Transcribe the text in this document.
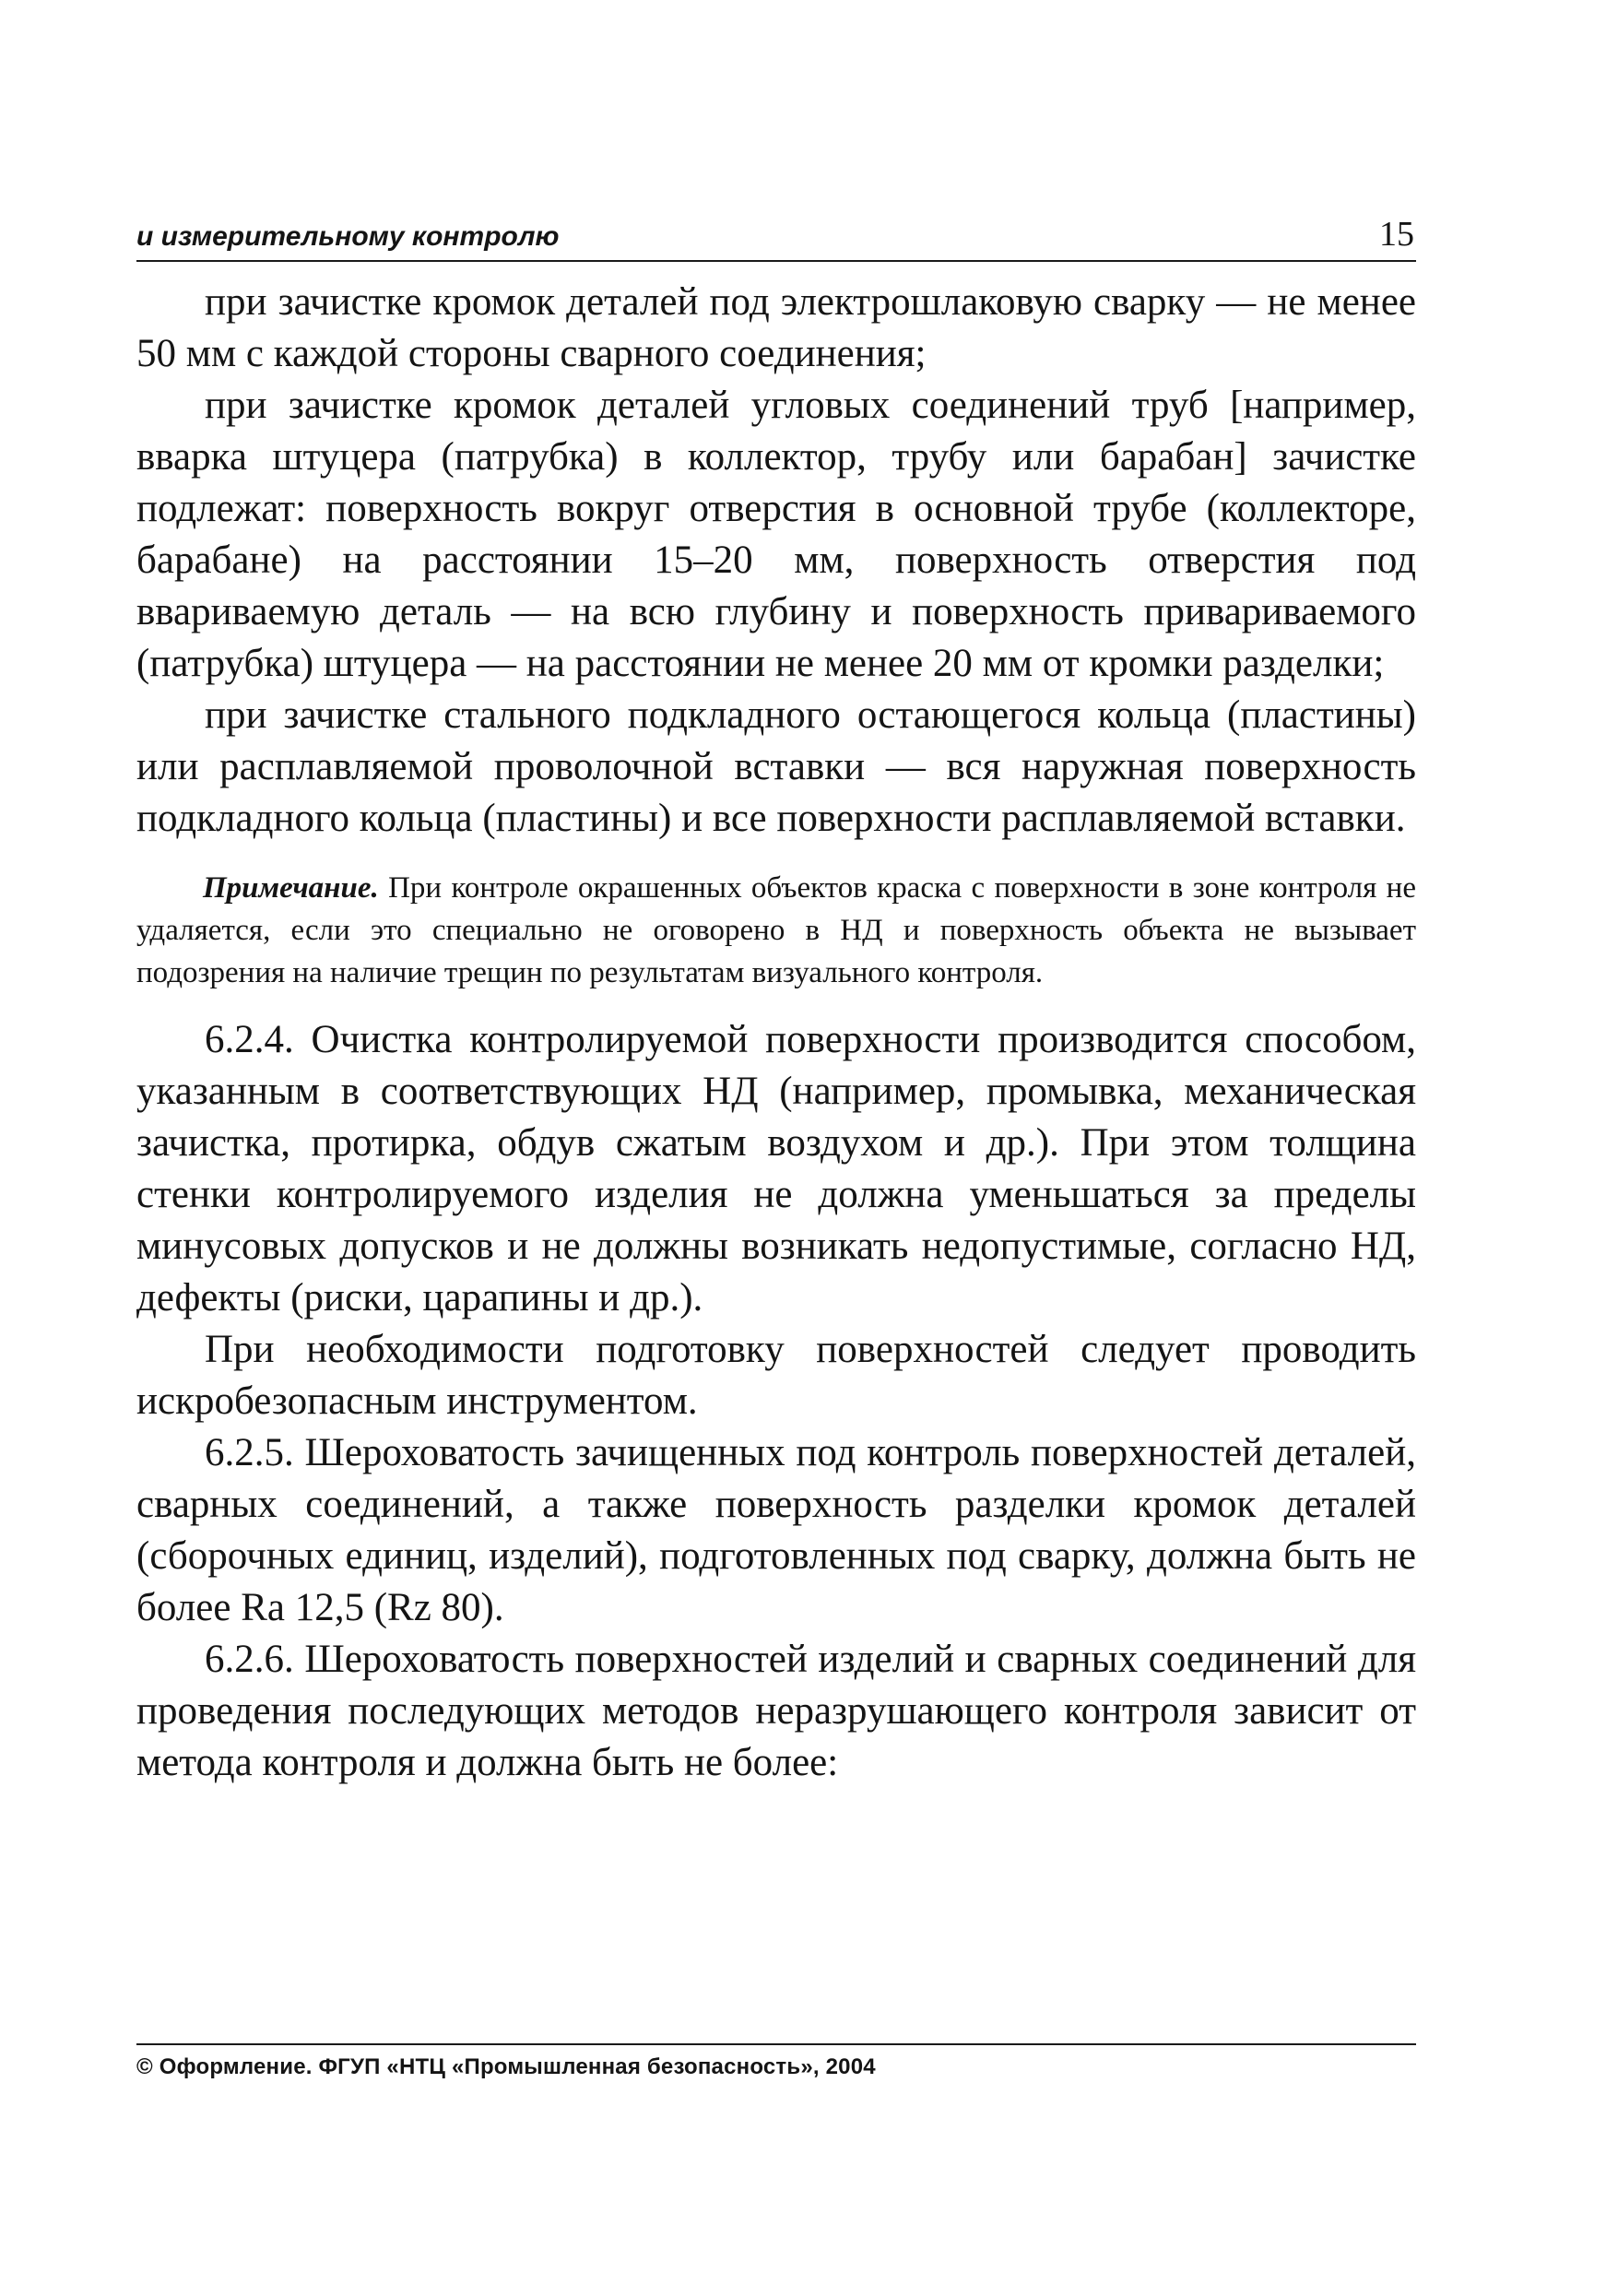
и измерительному контролю	15

при зачистке кромок деталей под электрошлаковую сварку — не менее 50 мм с каждой стороны сварного соединения;

при зачистке кромок деталей угловых соединений труб [например, вварка штуцера (патрубка) в коллектор, трубу или барабан] зачистке подлежат: поверхность вокруг отверстия в основной трубе (коллекторе, барабане) на расстоянии 15–20 мм, поверхность отверстия под ввариваемую деталь — на всю глубину и поверхность привариваемого (патрубка) штуцера — на расстоянии не менее 20 мм от кромки разделки;

при зачистке стального подкладного остающегося кольца (пластины) или расплавляемой проволочной вставки — вся наружная поверхность подкладного кольца (пластины) и все поверхности расплавляемой вставки.

Примечание. При контроле окрашенных объектов краска с поверхности в зоне контроля не удаляется, если это специально не оговорено в НД и поверхность объекта не вызывает подозрения на наличие трещин по результатам визуального контроля.

6.2.4. Очистка контролируемой поверхности производится способом, указанным в соответствующих НД (например, промывка, механическая зачистка, протирка, обдув сжатым воздухом и др.). При этом толщина стенки контролируемого изделия не должна уменьшаться за пределы минусовых допусков и не должны возникать недопустимые, согласно НД, дефекты (риски, царапины и др.).

При необходимости подготовку поверхностей следует проводить искробезопасным инструментом.

6.2.5. Шероховатость зачищенных под контроль поверхностей деталей, сварных соединений, а также поверхность разделки кромок деталей (сборочных единиц, изделий), подготовленных под сварку, должна быть не более Ra 12,5 (Rz 80).

6.2.6. Шероховатость поверхностей изделий и сварных соединений для проведения последующих методов неразрушающего контроля зависит от метода контроля и должна быть не более:

© Оформление. ФГУП «НТЦ «Промышленная безопасность», 2004
